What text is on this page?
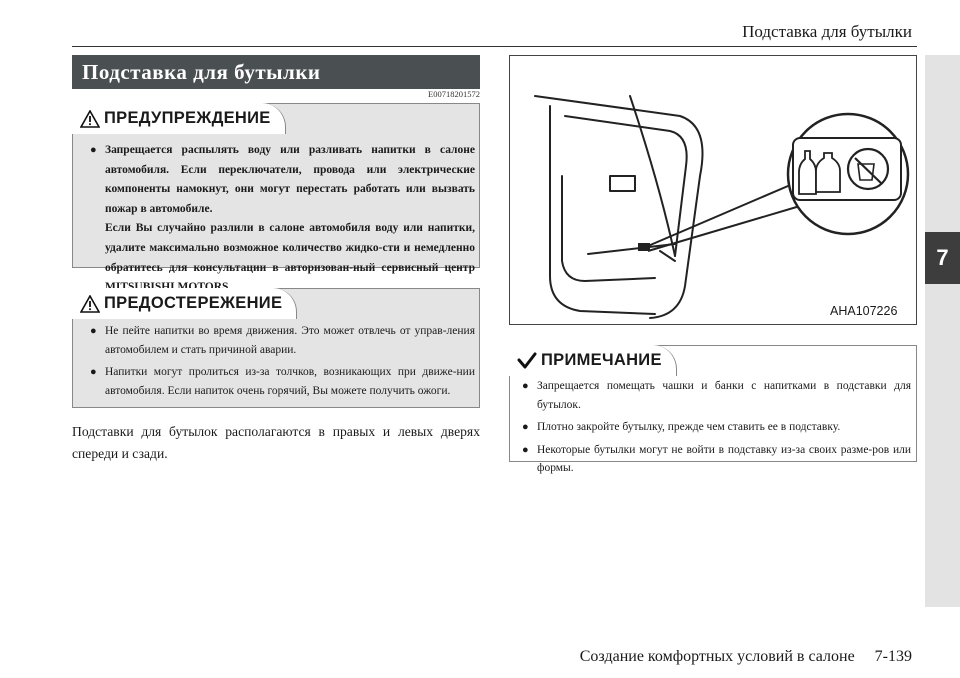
Подставка для бутылки
7
Подставка для бутылки
E00718201572
ПРЕДУПРЕЖДЕНИЕ
● Запрещается распылять воду или разливать напитки в салоне автомобиля. Если переключатели, провода или электрические компоненты намокнут, они могут перестать работать или вызвать пожар в автомобиле.
Если Вы случайно разлили в салоне автомобиля воду или напитки, удалите максимально возможное количество жидко-сти и немедленно обратитесь для консультации в авторизован-ный сервисный центр
ПРЕДОСТЕРЕЖЕНИЕ
● Не пейте напитки во время движения. Это может отвлечь от управ-ления автомобилем и стать причиной аварии.
● Напитки могут пролиться из-за толчков, возникающих при движе-нии автомобиля. Если напиток очень горячий, Вы можете получить ожоги.
Подставки для бутылок располагаются в правых и левых дверях спереди и сзади.
AHA107226
ПРИМЕЧАНИЕ
● Запрещается помещать чашки и банки с напитками в подставки для бутылок.
● Плотно закройте бутылку, прежде чем ставить ее в подставку.
● Некоторые бутылки могут не войти в подставку из-за своих разме-ров или формы.
Создание комфортных условий в салоне 7-139
